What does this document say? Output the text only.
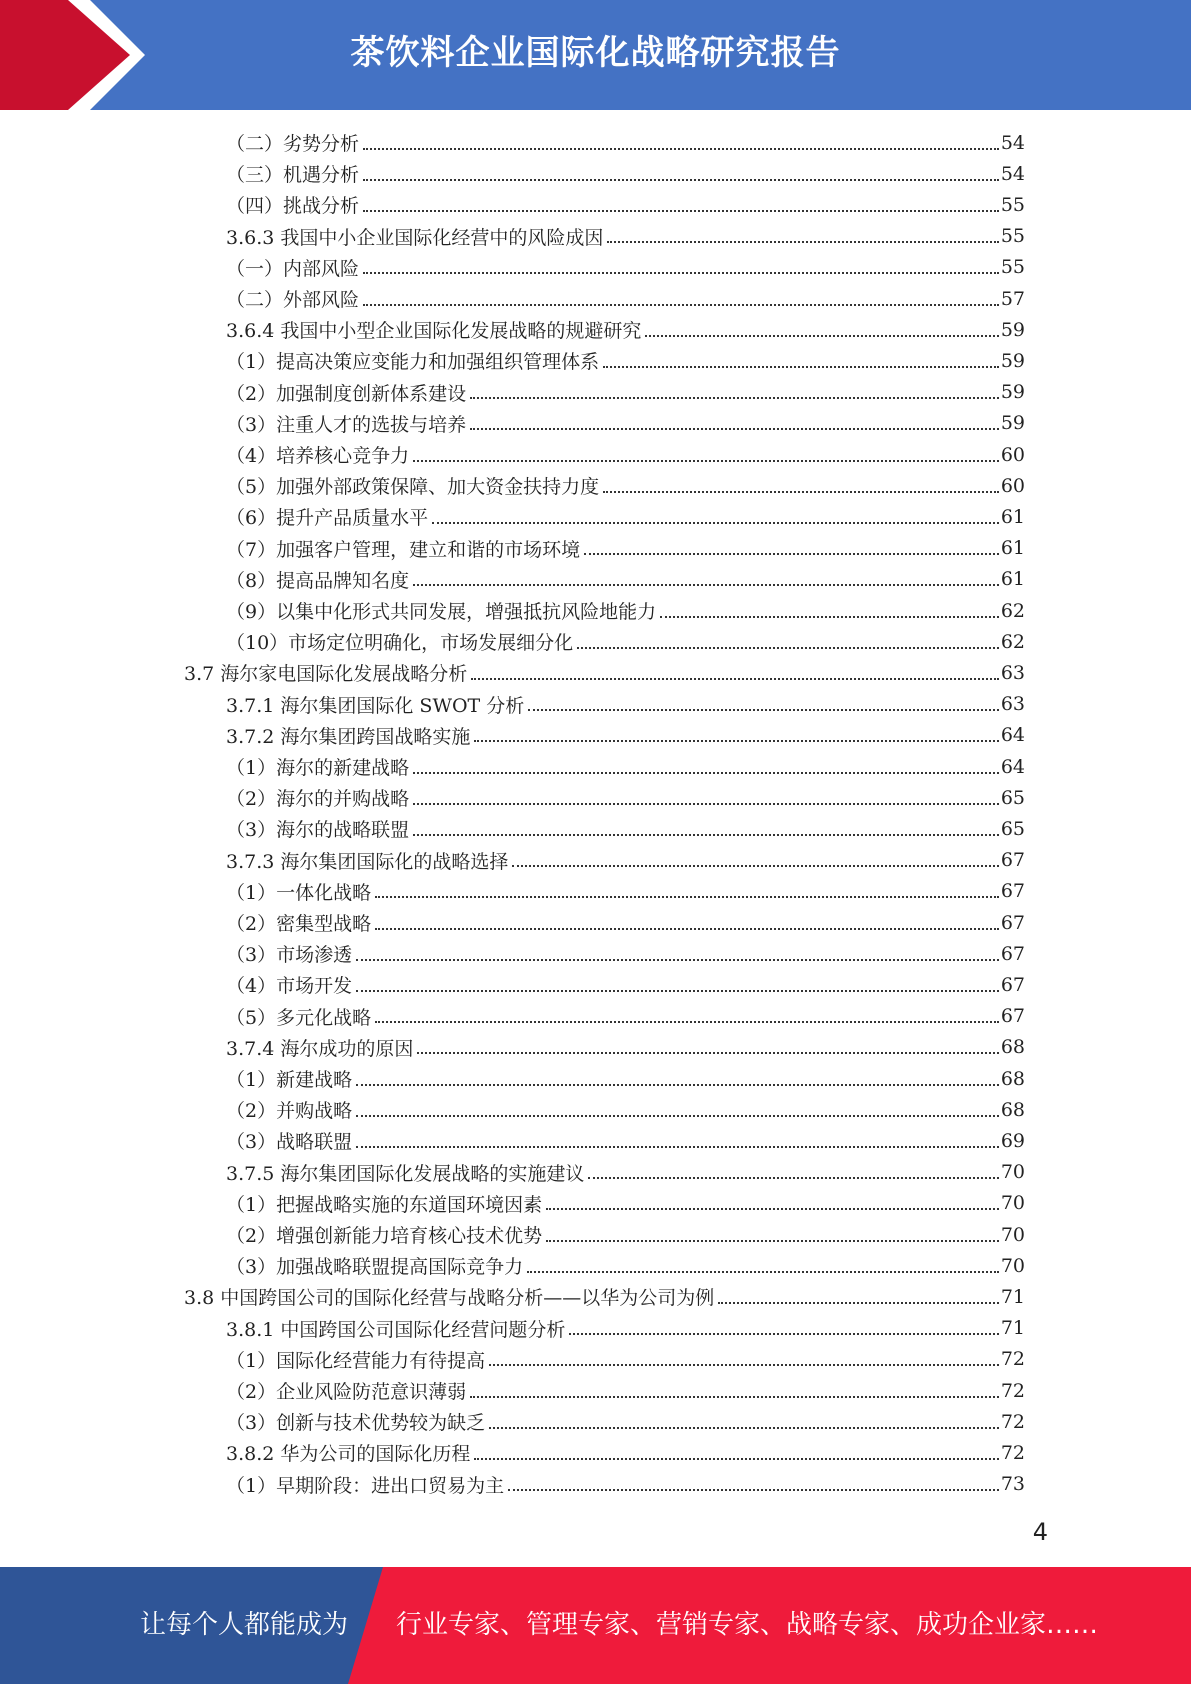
茶饮料企业国际化战略研究报告
（二）劣势分析	54
（三）机遇分析	54
（四）挑战分析	55
3.6.3 我国中小企业国际化经营中的风险成因	55
（一）内部风险	55
（二）外部风险	57
3.6.4 我国中小型企业国际化发展战略的规避研究	59
（1）提高决策应变能力和加强组织管理体系	59
（2）加强制度创新体系建设	59
（3）注重人才的选拔与培养	59
（4）培养核心竞争力	60
（5）加强外部政策保障、加大资金扶持力度	60
（6）提升产品质量水平	61
（7）加强客户管理，建立和谐的市场环境	61
（8）提高品牌知名度	61
（9）以集中化形式共同发展，增强抵抗风险地能力	62
（10）市场定位明确化，市场发展细分化	62
3.7 海尔家电国际化发展战略分析	63
3.7.1 海尔集团国际化 SWOT 分析	63
3.7.2 海尔集团跨国战略实施	64
（1）海尔的新建战略	64
（2）海尔的并购战略	65
（3）海尔的战略联盟	65
3.7.3 海尔集团国际化的战略选择	67
（1）一体化战略	67
（2）密集型战略	67
（3）市场渗透	67
（4）市场开发	67
（5）多元化战略	67
3.7.4 海尔成功的原因	68
（1）新建战略	68
（2）并购战略	68
（3）战略联盟	69
3.7.5 海尔集团国际化发展战略的实施建议	70
（1）把握战略实施的东道国环境因素	70
（2）增强创新能力培育核心技术优势	70
（3）加强战略联盟提高国际竞争力	70
3.8 中国跨国公司的国际化经营与战略分析——以华为公司为例	71
3.8.1 中国跨国公司国际化经营问题分析	71
（1）国际化经营能力有待提高	72
（2）企业风险防范意识薄弱	72
（3）创新与技术优势较为缺乏	72
3.8.2 华为公司的国际化历程	72
（1）早期阶段：进出口贸易为主	73
4
让每个人都能成为 行业专家、管理专家、营销专家、战略专家、成功企业家……
